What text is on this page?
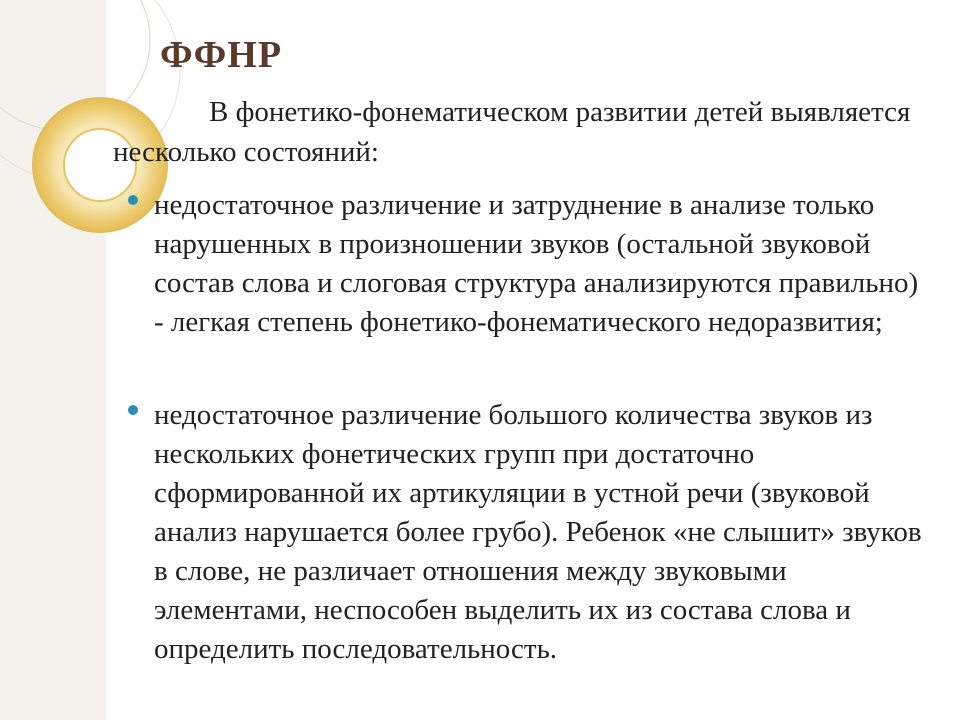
ФФНР

В фонетико-фонематическом развитии детей выявляется несколько состояний:

недостаточное различение и затруднение в анализе только нарушенных в произношении звуков (остальной звуковой состав слова и слоговая структура анализируются правильно) - легкая степень фонетико-фонематического недоразвития;

недостаточное различение большого количества звуков из нескольких фонетических групп при достаточно сформированной их артикуляции в устной речи (звуковой анализ нарушается более грубо). Ребенок «не слышит» звуков в слове, не различает отношения между звуковыми элементами, неспособен выделить их из состава слова и определить последовательность.
